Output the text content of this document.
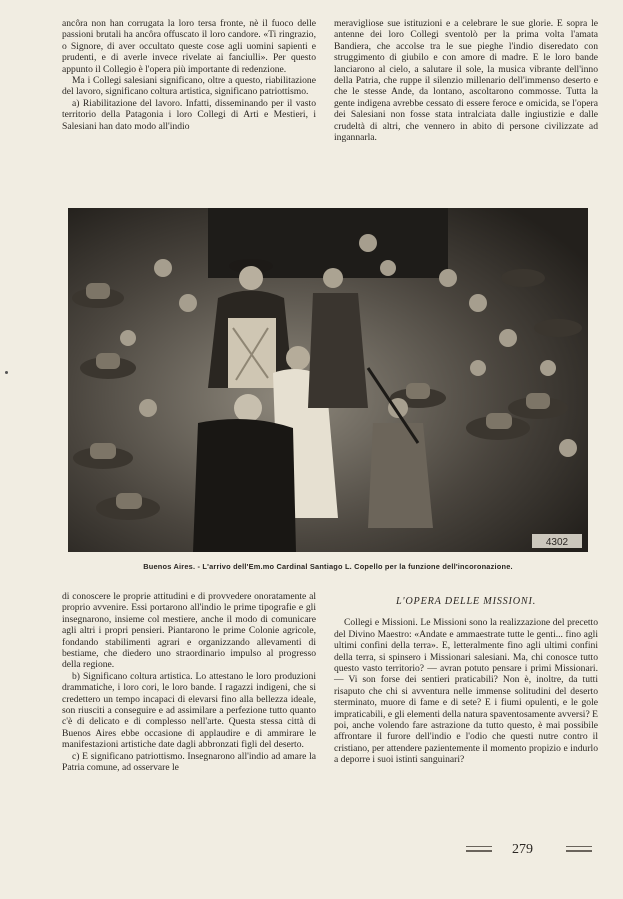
ancôra non han corrugata la loro tersa fronte, nè il fuoco delle passioni brutali ha ancôra offuscato il loro candore. «Ti ringrazio, o Signore, di aver occultato queste cose agli uomini sapienti e prudenti, e di averle invece rivelate ai fanciulli». Per questo appunto il Collegio è l'opera più importante di redenzione.

Ma i Collegi salesiani significano, oltre a questo, riabilitazione del lavoro, significano coltura artistica, significano patriottismo.

a) Riabilitazione del lavoro. Infatti, disseminando per il vasto territorio della Patagonia i loro Collegi di Arti e Mestieri, i Salesiani han dato modo all'indio

meravigliose sue istituzioni e a celebrare le sue glorie. E sopra le antenne dei loro Collegi sventolò per la prima volta l'amata Bandiera, che accolse tra le sue pieghe l'indio diseredato con struggimento di giubilo e con amore di madre. E le loro bande lanciarono al cielo, a salutare il sole, la musica vibrante dell'inno della Patria, che ruppe il silenzio millenario dell'immenso deserto e che le stesse Ande, da lontano, ascoltarono commosse. Tutta la gente indigena avrebbe cessato di essere feroce e omicida, se l'opera dei Salesiani non fosse stata intralciata dalle ingiustizie e dalle crudeltà di altri, che vennero in abito di persone civilizzate ad ingannarla.

4302
Buenos Aires. - L'arrivo dell'Em.mo Cardinal Santiago L. Copello per la funzione dell'incoronazione.

di conoscere le proprie attitudini e di provvedere onoratamente al proprio avvenire. Essi portarono all'indio le prime tipografie e gli insegnarono, insieme col mestiere, anche il modo di comunicare agli altri i propri pensieri. Piantarono le prime Colonie agricole, fondando stabilimenti agrari e organizzando allevamenti di bestiame, che diedero uno straordinario impulso al progresso della regione.

b) Significano coltura artistica. Lo attestano le loro produzioni drammatiche, i loro cori, le loro bande. I ragazzi indigeni, che si credettero un tempo incapaci di elevarsi fino alla bellezza ideale, son riusciti a conseguire e ad assimilare a perfezione tutto quanto c'è di delicato e di complesso nell'arte. Questa stessa città di Buenos Aires ebbe occasione di applaudire e di ammirare le manifestazioni artistiche date dagli abbronzati figli del deserto.

c) E significano patriottismo. Insegnarono all'indio ad amare la Patria comune, ad osservare le

L'OPERA DELLE MISSIONI.

Collegi e Missioni. Le Missioni sono la realizzazione del precetto del Divino Maestro: «Andate e ammaestrate tutte le genti... fino agli ultimi confini della terra». E, letteralmente fino agli ultimi confini della terra, si spinsero i Missionari salesiani. Ma, chi conosce tutto questo vasto territorio? — avran potuto pensare i primi Missionari. — Vi son forse dei sentieri praticabili? Non è, inoltre, da tutti risaputo che chi si avventura nelle immense solitudini del deserto sterminato, muore di fame e di sete? E i fiumi opulenti, e le gole impraticabili, e gli elementi della natura spaventosamente avversi? E poi, anche volendo fare astrazione da tutto questo, è mai possibile affrontare il furore dell'indio e l'odio che questi nutre contro il cristiano, per attendere pazientemente il momento propizio e indurlo a deporre i suoi istinti sanguinari?

279
